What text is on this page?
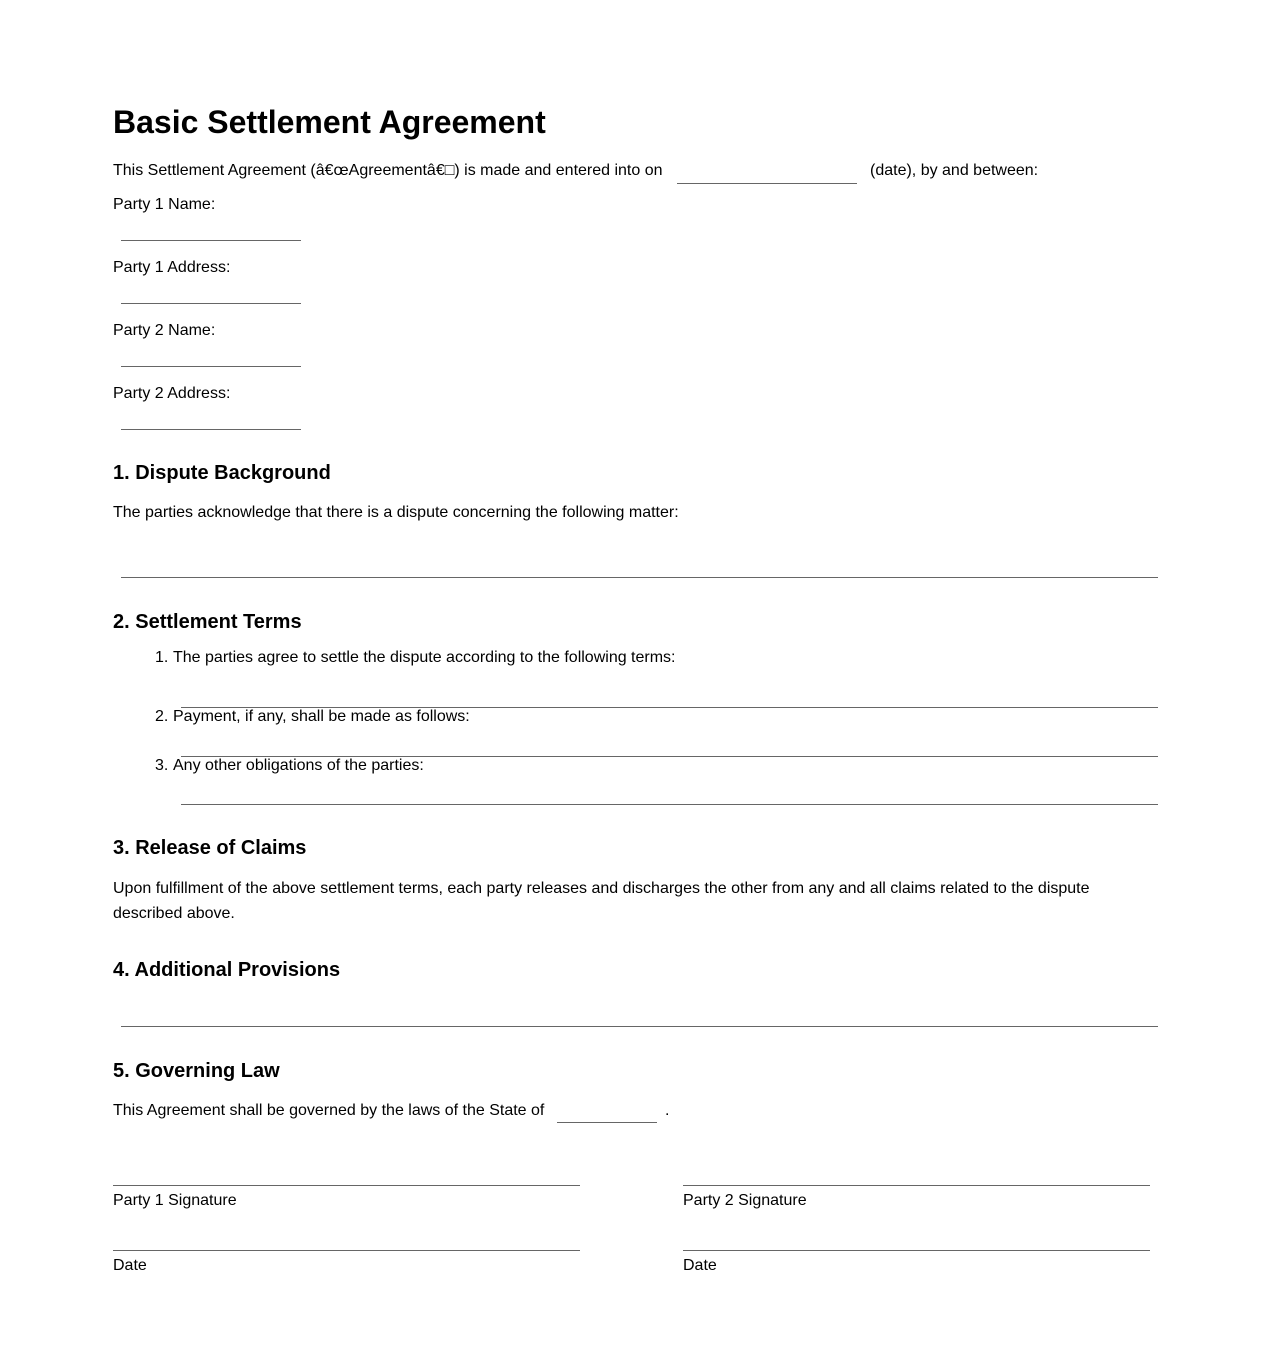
Basic Settlement Agreement
This Settlement Agreement (â€œAgreementâ€□) is made and entered into on	(date), by and between:
Party 1 Name:
Party 1 Address:
Party 2 Name:
Party 2 Address:
1. Dispute Background
The parties acknowledge that there is a dispute concerning the following matter:
2. Settlement Terms
1. The parties agree to settle the dispute according to the following terms:
2. Payment, if any, shall be made as follows:
3. Any other obligations of the parties:
3. Release of Claims
Upon fulfillment of the above settlement terms, each party releases and discharges the other from any and all claims related to the dispute
described above.
4. Additional Provisions
5. Governing Law
This Agreement shall be governed by the laws of the State of	.
Party 1 Signature
Date
Party 2 Signature
Date
